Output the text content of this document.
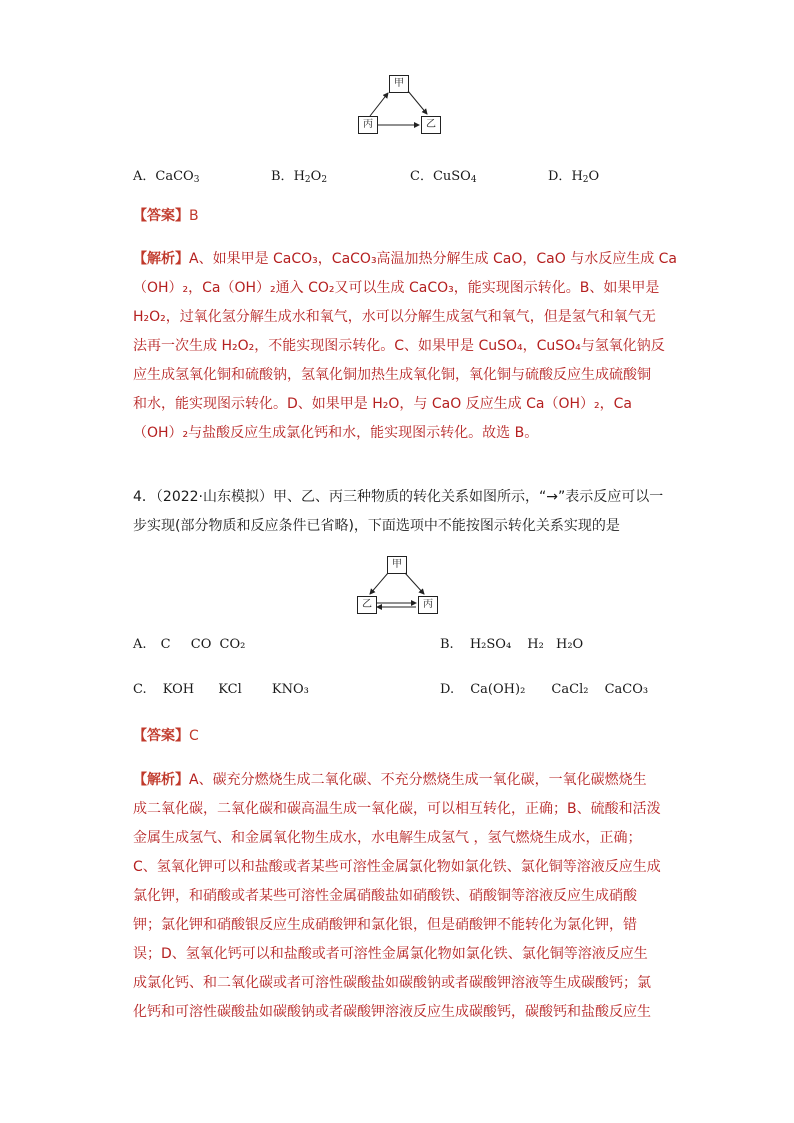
甲
丙	乙
A．CaCO$_3$	B．$H_2O_2$	C．CuSO$_4$	D．$H_2O$
【答案】B
【解析】A、如果甲是 CaCO₃，CaCO₃高温加热分解生成 CaO，CaO 与水反应生成 Ca
（OH）₂，Ca（OH）₂通入 CO₂又可以生成 CaCO₃，能实现图示转化。B、如果甲是
H₂O₂，过氧化氢分解生成水和氧气，水可以分解生成氢气和氧气，但是氢气和氧气无
法再一次生成 H₂O₂，不能实现图示转化。C、如果甲是 CuSO₄，CuSO₄与氢氧化钠反
应生成氢氧化铜和硫酸钠，氢氧化铜加热生成氧化铜，氧化铜与硫酸反应生成硫酸铜
和水，能实现图示转化。D、如果甲是 H₂O，与 CaO 反应生成 Ca（OH）₂，Ca
（OH）₂与盐酸反应生成氯化钙和水，能实现图示转化。故选 B。
4．（2022·山东模拟）甲、乙、丙三种物质的转化关系如图所示，“→”表示反应可以一
步实现(部分物质和反应条件已省略)，下面选项中不能按图示转化关系实现的是
甲
乙	丙
A. C CO CO₂	B. H₂SO₄ H₂ H₂O
C. KOH KCl KNO₃	D. Ca(OH)₂ CaCl₂ CaCO₃
【答案】C
【解析】A、碳充分燃烧生成二氧化碳、不充分燃烧生成一氧化碳，一氧化碳燃烧生
成二氧化碳，二氧化碳和碳高温生成一氧化碳，可以相互转化，正确；B、硫酸和活泼
金属生成氢气、和金属氧化物生成水，水电解生成氢气 ，氢气燃烧生成水，正确；
C、氢氧化钾可以和盐酸或者某些可溶性金属氯化物如氯化铁、氯化铜等溶液反应生成
氯化钾，和硝酸或者某些可溶性金属硝酸盐如硝酸铁、硝酸铜等溶液反应生成硝酸
钾；氯化钾和硝酸银反应生成硝酸钾和氯化银，但是硝酸钾不能转化为氯化钾，错
误；D、氢氧化钙可以和盐酸或者可溶性金属氯化物如氯化铁、氯化铜等溶液反应生
成氯化钙、和二氧化碳或者可溶性碳酸盐如碳酸钠或者碳酸钾溶液等生成碳酸钙；氯
化钙和可溶性碳酸盐如碳酸钠或者碳酸钾溶液反应生成碳酸钙，碳酸钙和盐酸反应生
